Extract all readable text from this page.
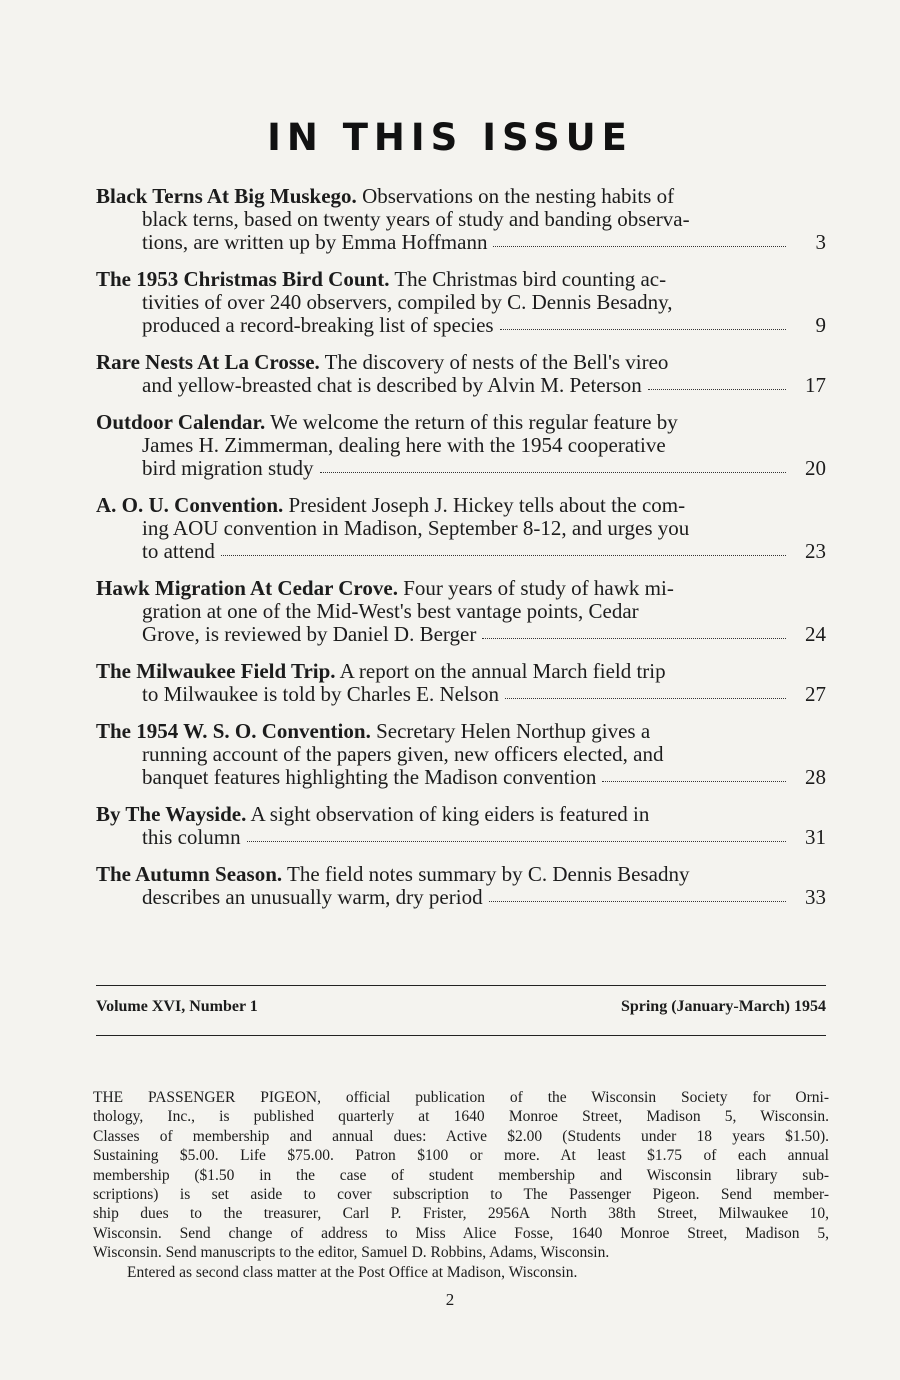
IN THIS ISSUE
Black Terns At Big Muskego. Observations on the nesting habits of
black terns, based on twenty years of study and banding observa-
tions, are written up by Emma Hoffmann	3
The 1953 Christmas Bird Count. The Christmas bird counting ac-
tivities of over 240 observers, compiled by C. Dennis Besadny,
produced a record-breaking list of species	9
Rare Nests At La Crosse. The discovery of nests of the Bell's vireo
and yellow-breasted chat is described by Alvin M. Peterson	17
Outdoor Calendar. We welcome the return of this regular feature by
James H. Zimmerman, dealing here with the 1954 cooperative
bird migration study	20
A. O. U. Convention. President Joseph J. Hickey tells about the com-
ing AOU convention in Madison, September 8-12, and urges you
to attend	23
Hawk Migration At Cedar Crove. Four years of study of hawk mi-
gration at one of the Mid-West's best vantage points, Cedar
Grove, is reviewed by Daniel D. Berger	24
The Milwaukee Field Trip. A report on the annual March field trip
to Milwaukee is told by Charles E. Nelson	27
The 1954 W. S. O. Convention. Secretary Helen Northup gives a
running account of the papers given, new officers elected, and
banquet features highlighting the Madison convention	28
By The Wayside. A sight observation of king eiders is featured in
this column	31
The Autumn Season. The field notes summary by C. Dennis Besadny
describes an unusually warm, dry period	33
Volume XVI, Number 1	Spring (January-March) 1954
THE PASSENGER PIGEON, official publication of the Wisconsin Society for Orni-
thology, Inc., is published quarterly at 1640 Monroe Street, Madison 5, Wisconsin.
Classes of membership and annual dues: Active $2.00 (Students under 18 years $1.50).
Sustaining $5.00. Life $75.00. Patron $100 or more. At least $1.75 of each annual
membership ($1.50 in the case of student membership and Wisconsin library sub-
scriptions) is set aside to cover subscription to The Passenger Pigeon. Send member-
ship dues to the treasurer, Carl P. Frister, 2956A North 38th Street, Milwaukee 10,
Wisconsin. Send change of address to Miss Alice Fosse, 1640 Monroe Street, Madison 5,
Wisconsin. Send manuscripts to the editor, Samuel D. Robbins, Adams, Wisconsin.
Entered as second class matter at the Post Office at Madison, Wisconsin.
2
